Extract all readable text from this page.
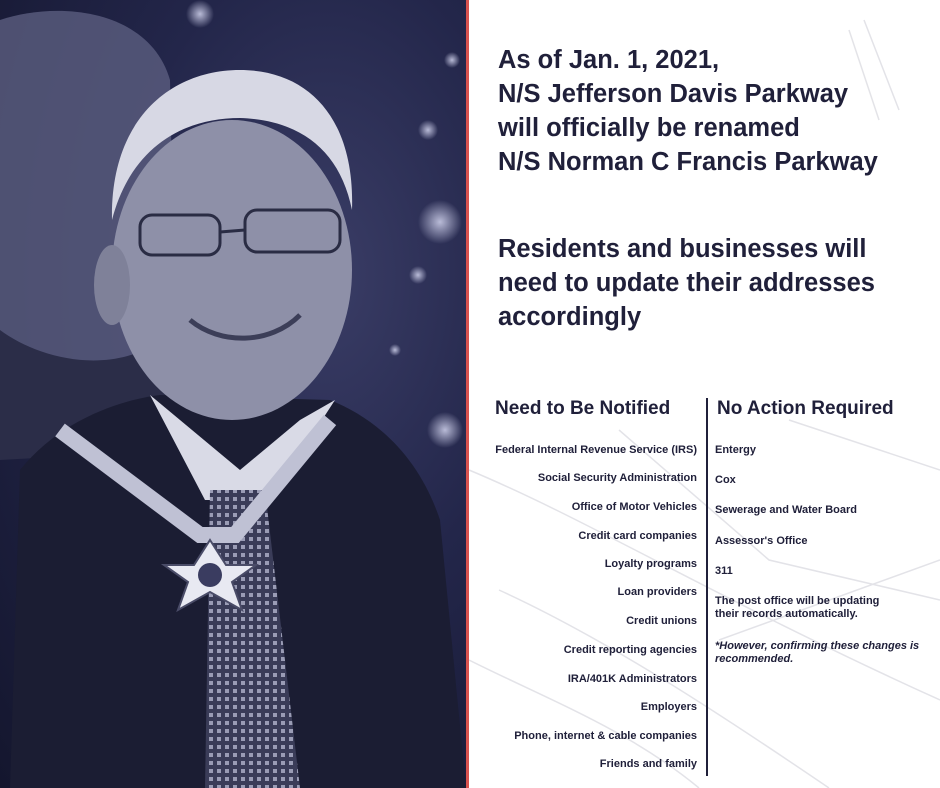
As of Jan. 1, 2021,
N/S Jefferson Davis Parkway
will officially be renamed
N/S Norman C Francis Parkway
Residents and businesses will
need to update their addresses
accordingly
Need to Be Notified No Action Required
Federal Internal Revenue Service (IRS)
Social Security Administration
Office of Motor Vehicles
Credit card companies
Loyalty programs
Loan providers
Credit unions
Credit reporting agencies
IRA/401K Administrators
Employers
Phone, internet & cable companies
Friends and family
Entergy
Cox
Sewerage and Water Board
Assessor's Office
311
The post office will be updating their records automatically.
*However, confirming these changes is recommended.
